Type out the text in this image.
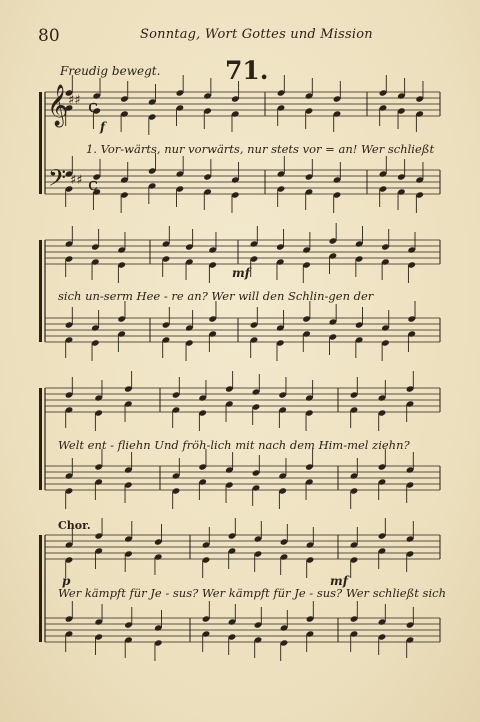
80	Sonntag, Wort Gottes und Mission
71.
Freudig bewegt.
Chor.
f
mf
p	mf
1. Vor-wärts, nur vorwärts, nur stets vor = an! Wer schließt
sich un-serm Hee - re an? Wer will den Schlin-gen der
Welt ent - fliehn Und fröh-lich mit nach dem Him-mel ziehn?
Wer kämpft für Je - sus? Wer kämpft für Je - sus? Wer schließt sich
𝄞
𝄢
c
c
♯♯
♯♯
